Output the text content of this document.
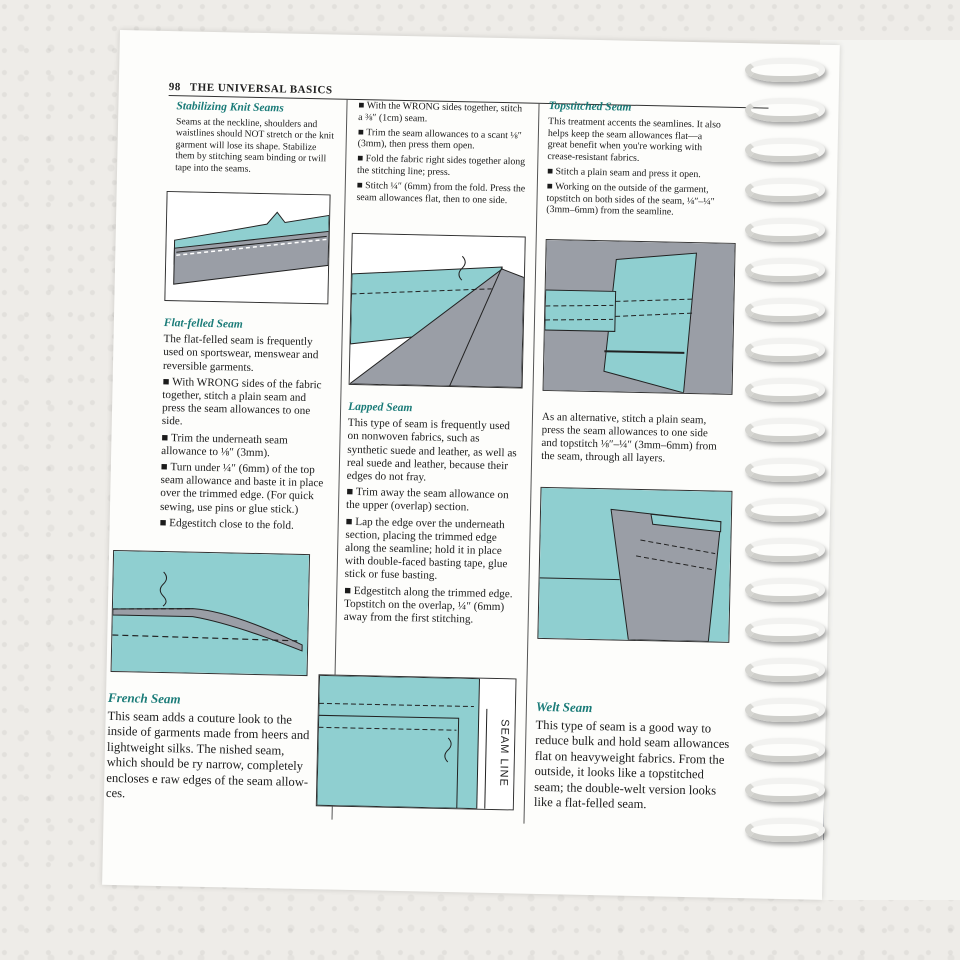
98 THE UNIVERSAL BASICS

Stabilizing Knit Seams

Seams at the neckline, shoulders and waistlines should NOT stretch or the knit garment will lose its shape. Stabilize them by stitching seam binding or twill tape into the seams.

Flat-felled Seam

The flat-felled seam is frequently used on sportswear, menswear and reversible garments.

■ With WRONG sides of the fabric together, stitch a plain seam and press the seam allowances to one side.

■ Trim the underneath seam allowance to ⅛″ (3mm).

■ Turn under ¼″ (6mm) of the top seam allowance and baste it in place over the trimmed edge. (For quick sewing, use pins or glue stick.)

■ Edgestitch close to the fold.

French Seam

This seam adds a couture look to the inside of garments made from heers and lightweight silks. The nished seam, which should be ry narrow, completely encloses e raw edges of the seam allow- ces.

■ With the WRONG sides together, stitch a ⅜″ (1cm) seam.

■ Trim the seam allowances to a scant ⅛″ (3mm), then press them open.

■ Fold the fabric right sides together along the stitching line; press.

■ Stitch ¼″ (6mm) from the fold. Press the seam allowances flat, then to one side.

Lapped Seam

This type of seam is frequently used on nonwoven fabrics, such as synthetic suede and leather, as well as real suede and leather, because their edges do not fray.

■ Trim away the seam allowance on the upper (overlap) section.

■ Lap the edge over the underneath section, placing the trimmed edge along the seamline; hold it in place with double-faced basting tape, glue stick or fuse basting.

■ Edgestitch along the trimmed edge. Topstitch on the overlap, ¼″ (6mm) away from the first stitching.

SEAM LINE

Topstitched Seam

This treatment accents the seamlines. It also helps keep the seam allowances flat—a great benefit when you're working with crease-resistant fabrics.

■ Stitch a plain seam and press it open.

■ Working on the outside of the garment, topstitch on both sides of the seam, ⅛″–¼″ (3mm–6mm) from the seamline.

As an alternative, stitch a plain seam, press the seam allowances to one side and topstitch ⅛″–¼″ (3mm–6mm) from the seam, through all layers.

Welt Seam

This type of seam is a good way to reduce bulk and hold seam allowances flat on heavyweight fabrics. From the outside, it looks like a topstitched seam; the double-welt version looks like a flat-felled seam.
